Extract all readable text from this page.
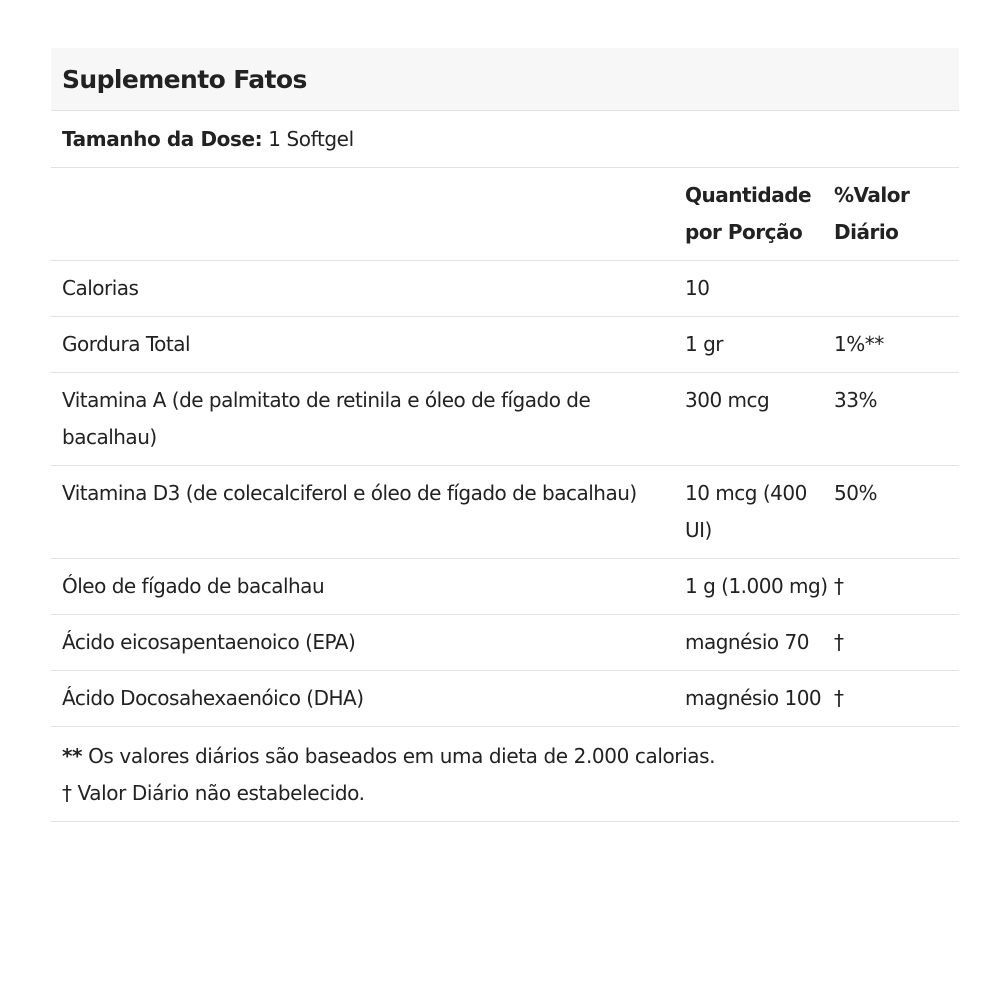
Suplemento Fatos
Tamanho da Dose:
1 Softgel
	Quantidade por Porção	%Valor Diário
Calorias	10	
Gordura Total	1 gr	1%**
Vitamina A (de palmitato de retinila e óleo de fígado de bacalhau)	300 mcg	33%
Vitamina D3 (de colecalciferol e óleo de fígado de bacalhau)	10 mcg (400 UI)	50%
Óleo de fígado de bacalhau	1 g (1.000 mg)	†
Ácido eicosapentaenoico (EPA)	magnésio 70	†
Ácido Docosahexaenóico (DHA)	magnésio 100	†
** Os valores diários são baseados em uma dieta de 2.000 calorias.
† Valor Diário não estabelecido.
